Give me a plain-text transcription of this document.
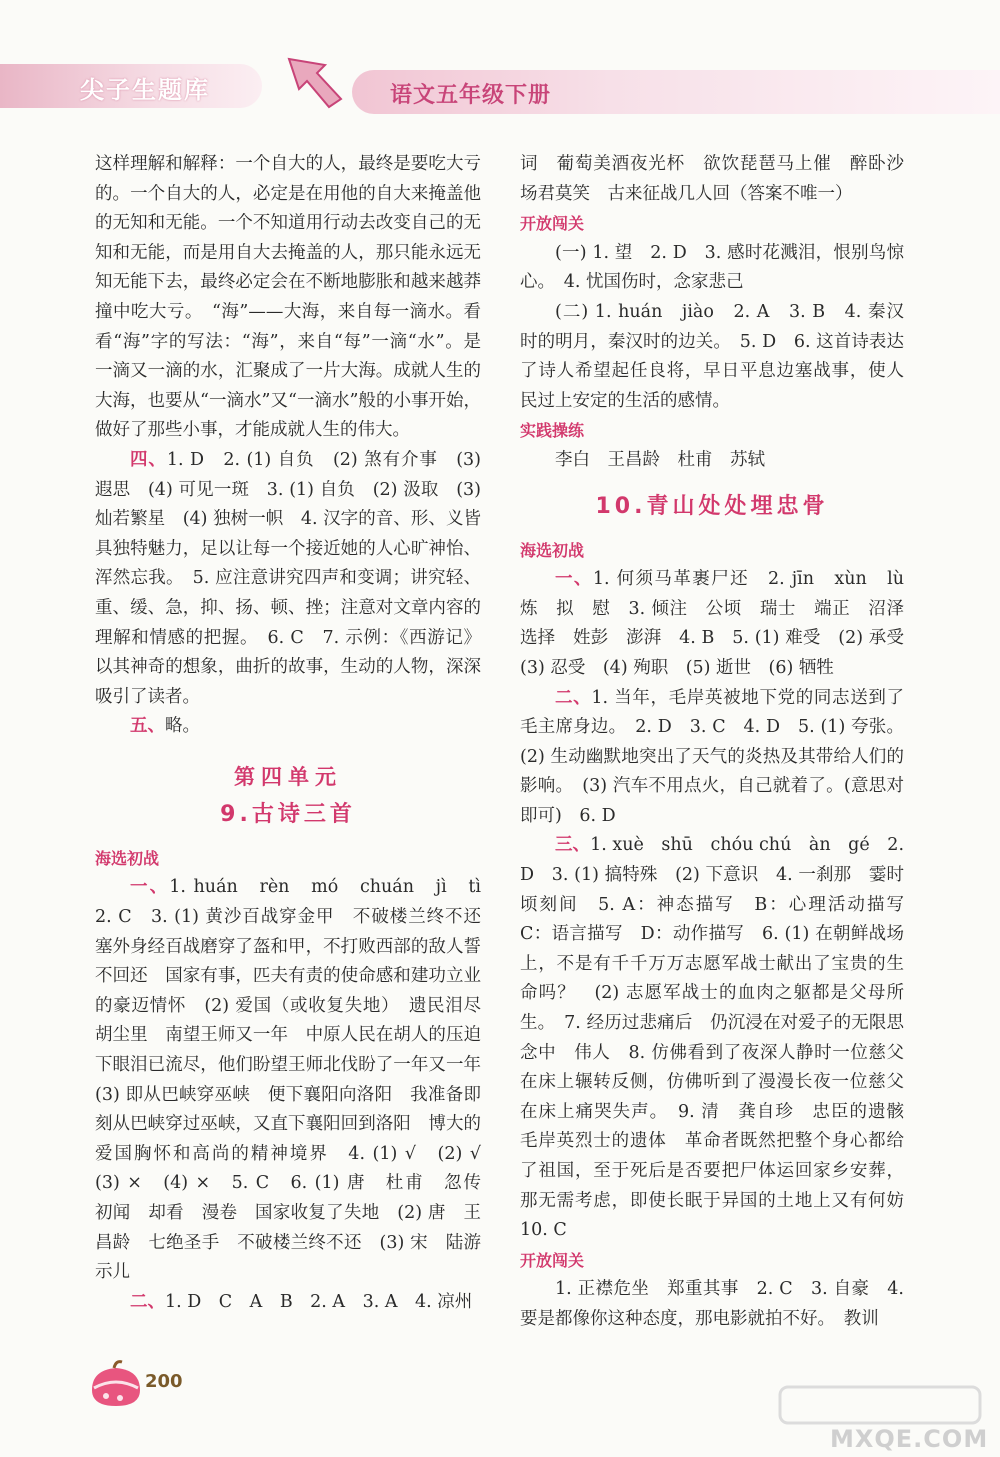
尖子生题库	语文五年级下册

这样理解和解释：一个自大的人，最终是要吃大亏的。一个自大的人，必定是在用他的自大来掩盖他的无知和无能。一个不知道用行动去改变自己的无知和无能，而是用自大去掩盖的人，那只能永远无知无能下去，最终必定会在不断地膨胀和越来越莽撞中吃大亏。　“海”——大海，来自每一滴水。看看“海”字的写法：“海”，来自“每”一滴“水”。是一滴又一滴的水，汇聚成了一片大海。成就人生的大海，也要从“一滴水”又“一滴水”般的小事开始，做好了那些小事，才能成就人生的伟大。

四、1. D　2. (1) 自负　(2) 煞有介事　(3) 遐思　(4) 可见一斑　3. (1) 自负　(2) 汲取　(3) 灿若繁星　(4) 独树一帜　4. 汉字的音、形、义皆具独特魅力，足以让每一个接近她的人心旷神怡、浑然忘我。　5. 应注意讲究四声和变调；讲究轻、重、缓、急，抑、扬、顿、挫；注意对文章内容的理解和情感的把握。　6. C　7. 示例：《西游记》以其神奇的想象，曲折的故事，生动的人物，深深吸引了读者。

五、略。

第四单元
9.古诗三首
海选初战

一、1. huán　rèn　mó　chuán　jì　tì　2. C　3. (1) 黄沙百战穿金甲　不破楼兰终不还　塞外身经百战磨穿了盔和甲，不打败西部的敌人誓不回还　国家有事，匹夫有责的使命感和建功立业的豪迈情怀　(2) 爱国（或收复失地）　遗民泪尽胡尘里　南望王师又一年　中原人民在胡人的压迫下眼泪已流尽，他们盼望王师北伐盼了一年又一年　(3) 即从巴峡穿巫峡　便下襄阳向洛阳　我准备即刻从巴峡穿过巫峡，又直下襄阳回到洛阳　博大的爱国胸怀和高尚的精神境界　4. (1) √　(2) √　(3) ×　(4) ×　5. C　6. (1) 唐　杜甫　忽传　初闻　却看　漫卷　国家收复了失地　(2) 唐　王昌龄　七绝圣手　不破楼兰终不还　(3) 宋　陆游　示儿

二、1. D　C　A　B　2. A　3. A　4. 凉州

词　葡萄美酒夜光杯　欲饮琵琶马上催　醉卧沙场君莫笑　古来征战几人回（答案不唯一）

开放闯关

(一) 1. 望　2. D　3. 感时花溅泪，恨别鸟惊心。　4. 忧国伤时，念家悲己

(二) 1. huán　jiào　2. A　3. B　4. 秦汉时的明月，秦汉时的边关。　5. D　6. 这首诗表达了诗人希望起任良将，早日平息边塞战事，使人民过上安定的生活的感情。

实践操练

李白　王昌龄　杜甫　苏轼

10.青山处处埋忠骨
海选初战

一、1. 何须马革裹尸还　2. jīn　xùn　lù　炼　拟　慰　3. 倾注　公顷　瑞士　端正　沼泽　选择　姓彭　澎湃　4. B　5. (1) 难受　(2) 承受　(3) 忍受　(4) 殉职　(5) 逝世　(6) 牺牲

二、1. 当年，毛岸英被地下党的同志送到了毛主席身边。　2. D　3. C　4. D　5. (1) 夸张。(2) 生动幽默地突出了天气的炎热及其带给人们的影响。　(3) 汽车不用点火，自己就着了。(意思对即可)　6. D

三、1. xuè　shū　chóu chú　àn　gé　2. D　3. (1) 搞特殊　(2) 下意识　4. 一刹那　霎时　顷刻间　5. A：神态描写　B：心理活动描写　C：语言描写　D：动作描写　6. (1) 在朝鲜战场上，不是有千千万万志愿军战士献出了宝贵的生命吗？　(2) 志愿军战士的血肉之躯都是父母所生。　7. 经历过悲痛后　仍沉浸在对爱子的无限思念中　伟人　8. 仿佛看到了夜深人静时一位慈父在床上辗转反侧，仿佛听到了漫漫长夜一位慈父在床上痛哭失声。　9. 清　龚自珍　忠臣的遗骸　毛岸英烈士的遗体　革命者既然把整个身心都给了祖国，至于死后是否要把尸体运回家乡安葬，那无需考虑，即使长眠于异国的土地上又有何妨　10. C

开放闯关

1. 正襟危坐　郑重其事　2. C　3. 自豪　4. 要是都像你这种态度，那电影就拍不好。　教训

200
MXQE.COM
